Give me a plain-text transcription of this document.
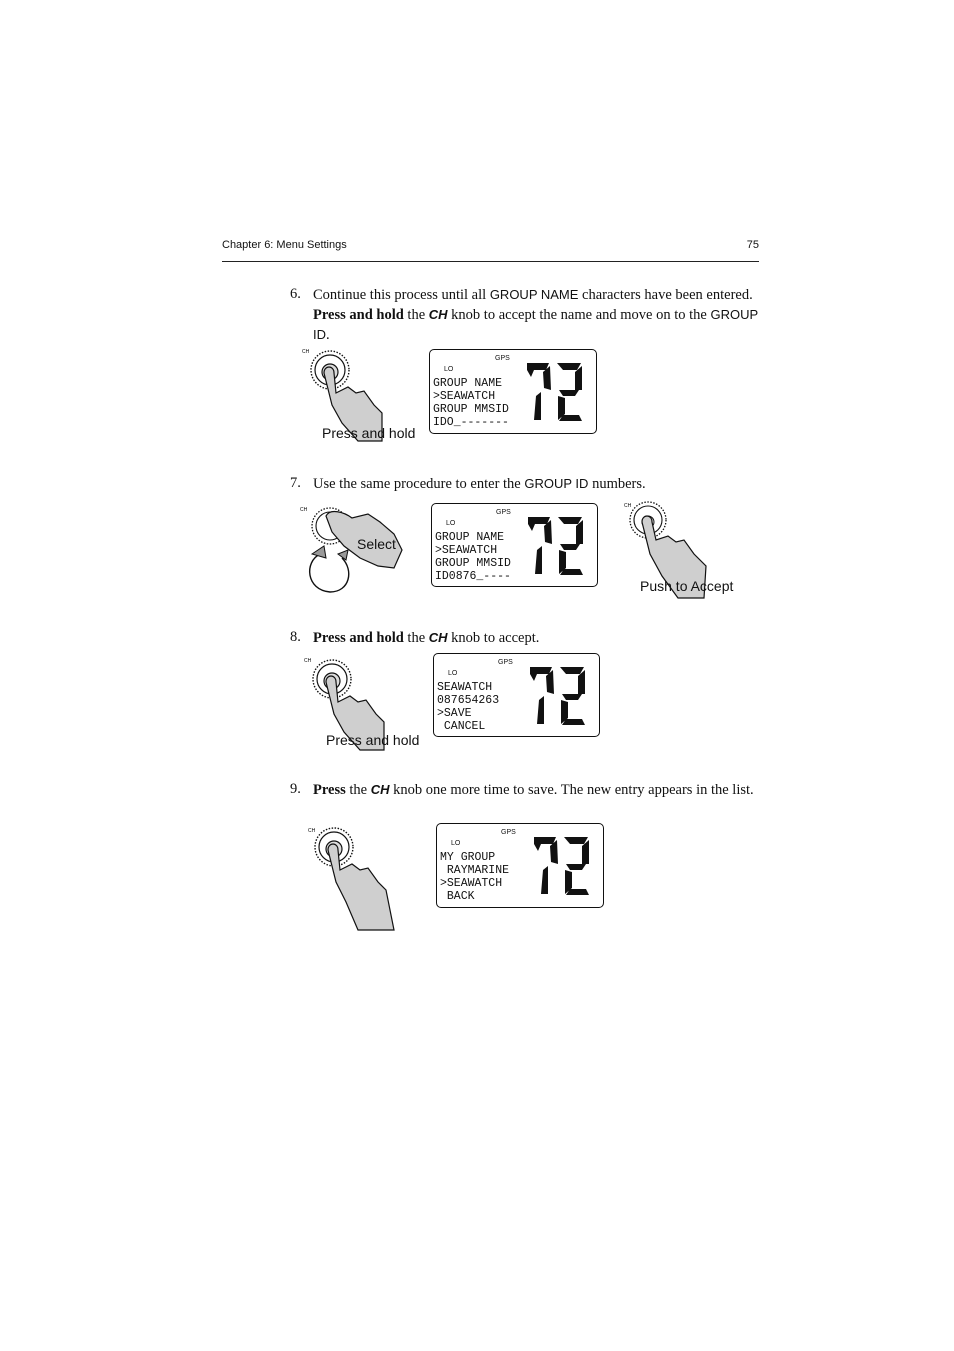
Chapter 6: Menu Settings	75
6. Continue this process until all GROUP NAME characters have been entered. Press and hold the CH knob to accept the name and move on to the GROUP ID.
CH
Press and hold
GPS
LO
GROUP NAME
>SEAWATCH
GROUP MMSID
IDO_-------
7. Use the same procedure to enter the GROUP ID numbers.
CH
Select
GPS
LO
GROUP NAME
>SEAWATCH
GROUP MMSID
ID0876_----
CH
Push to Accept
8. Press and hold the CH knob to accept.
CH
Press and hold
GPS
LO
SEAWATCH
087654263
>SAVE
CANCEL
9. Press the CH knob one more time to save. The new entry appears in the list.
CH	GPS
LO
MY GROUP
RAYMARINE
>SEAWATCH
BACK
